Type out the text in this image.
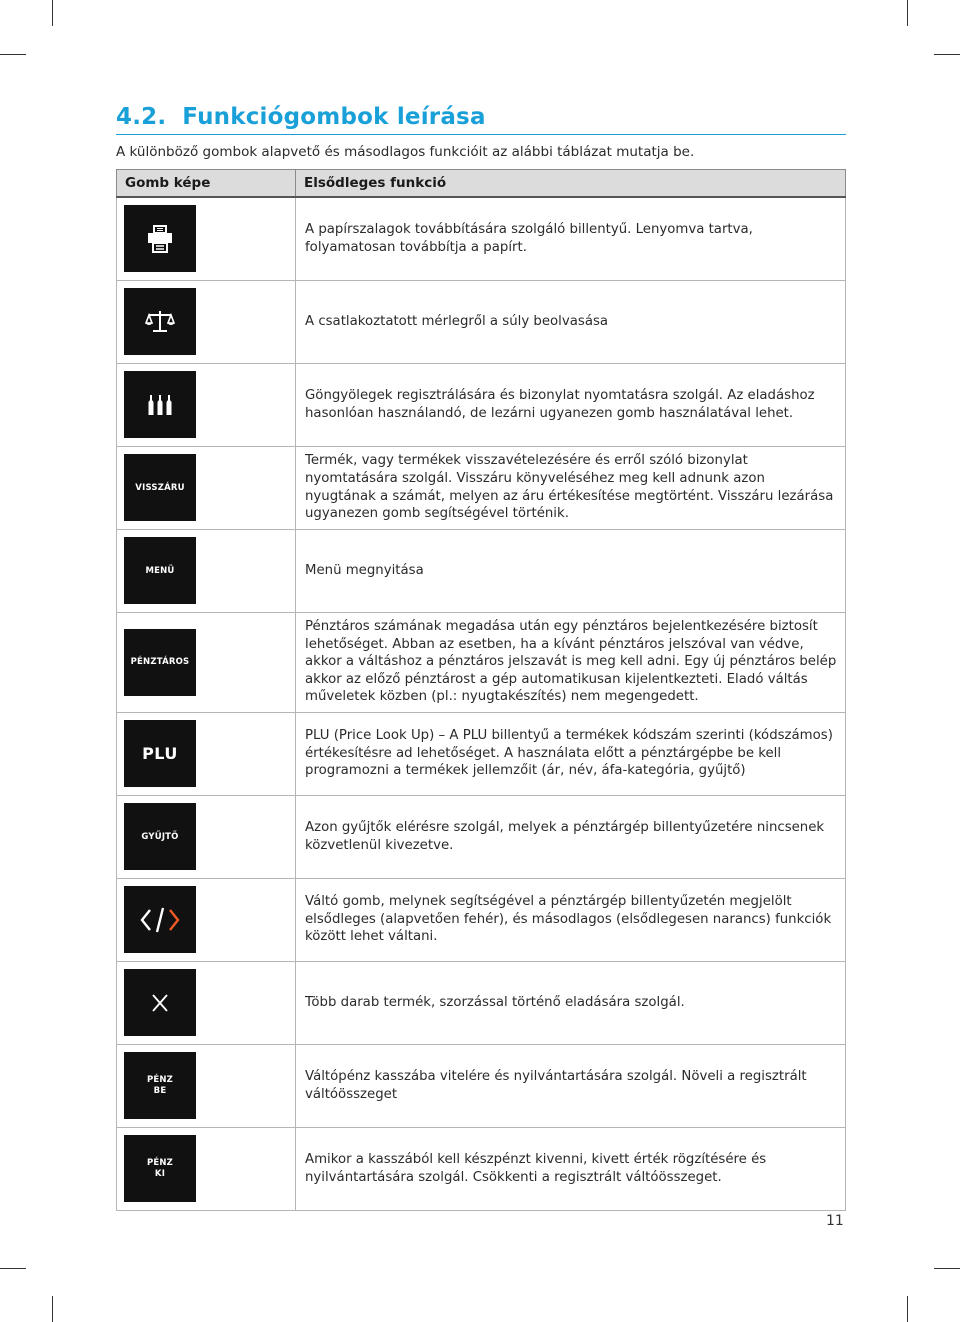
4.2. Funkciógombok leírása
A különböző gombok alapvető és másodlagos funkcióit az alábbi táblázat mutatja be.
Gomb képe	Elsődleges funkció

	A papírszalagok továbbítására szolgáló billentyű. Lenyomva tartva, folyamatosan továbbítja a papírt.

	A csatlakoztatott mérlegről a súly beolvasása

	Göngyölegek regisztrálására és bizonylat nyomtatásra szolgál. Az eladáshoz hasonlóan használandó, de lezárni ugyanezen gomb használatával lehet.

VISSZÁRU	Termék, vagy termékek visszavételezésére és erről szóló bizonylat nyomtatására szolgál. Visszáru könyveléséhez meg kell adnunk azon nyugtának a számát, melyen az áru értékesítése megtörtént. Visszáru lezárása ugyanezen gomb segítségével történik.

MENÜ	Menü megnyitása

PÉNZTÁROS	Pénztáros számának megadása után egy pénztáros bejelentkezésére biztosít lehetőséget. Abban az esetben, ha a kívánt pénztáros jelszóval van védve, akkor a váltáshoz a pénztáros jelszavát is meg kell adni. Egy új pénztáros belép akkor az előző pénztárost a gép automatikusan kijelentkezteti. Eladó váltás műveletek közben (pl.: nyugtakészítés) nem megengedett.

PLU	PLU (Price Look Up) – A PLU billentyű a termékek kódszám szerinti (kódszámos) értékesítésre ad lehetőséget. A használata előtt a pénztárgépbe be kell programozni a termékek jellemzőit (ár, név, áfa-kategória, gyűjtő)

GYŰJTŐ	Azon gyűjtők elérésre szolgál, melyek a pénztárgép billentyűzetére nincsenek közvetlenül kivezetve.

	Váltó gomb, melynek segítségével a pénztárgép billentyűzetén megjelölt elsődleges (alapvetően fehér), és másodlagos (elsődlegesen narancs) funkciók között lehet váltani.

	Több darab termék, szorzással történő eladására szolgál.

PÉNZ
BE	Váltópénz kasszába vitelére és nyilvántartására szolgál. Növeli a regisztrált váltóösszeget

PÉNZ
KI	Amikor a kasszából kell készpénzt kivenni, kivett érték rögzítésére és nyilvántartására szolgál. Csökkenti a regisztrált váltóösszeget.
11
